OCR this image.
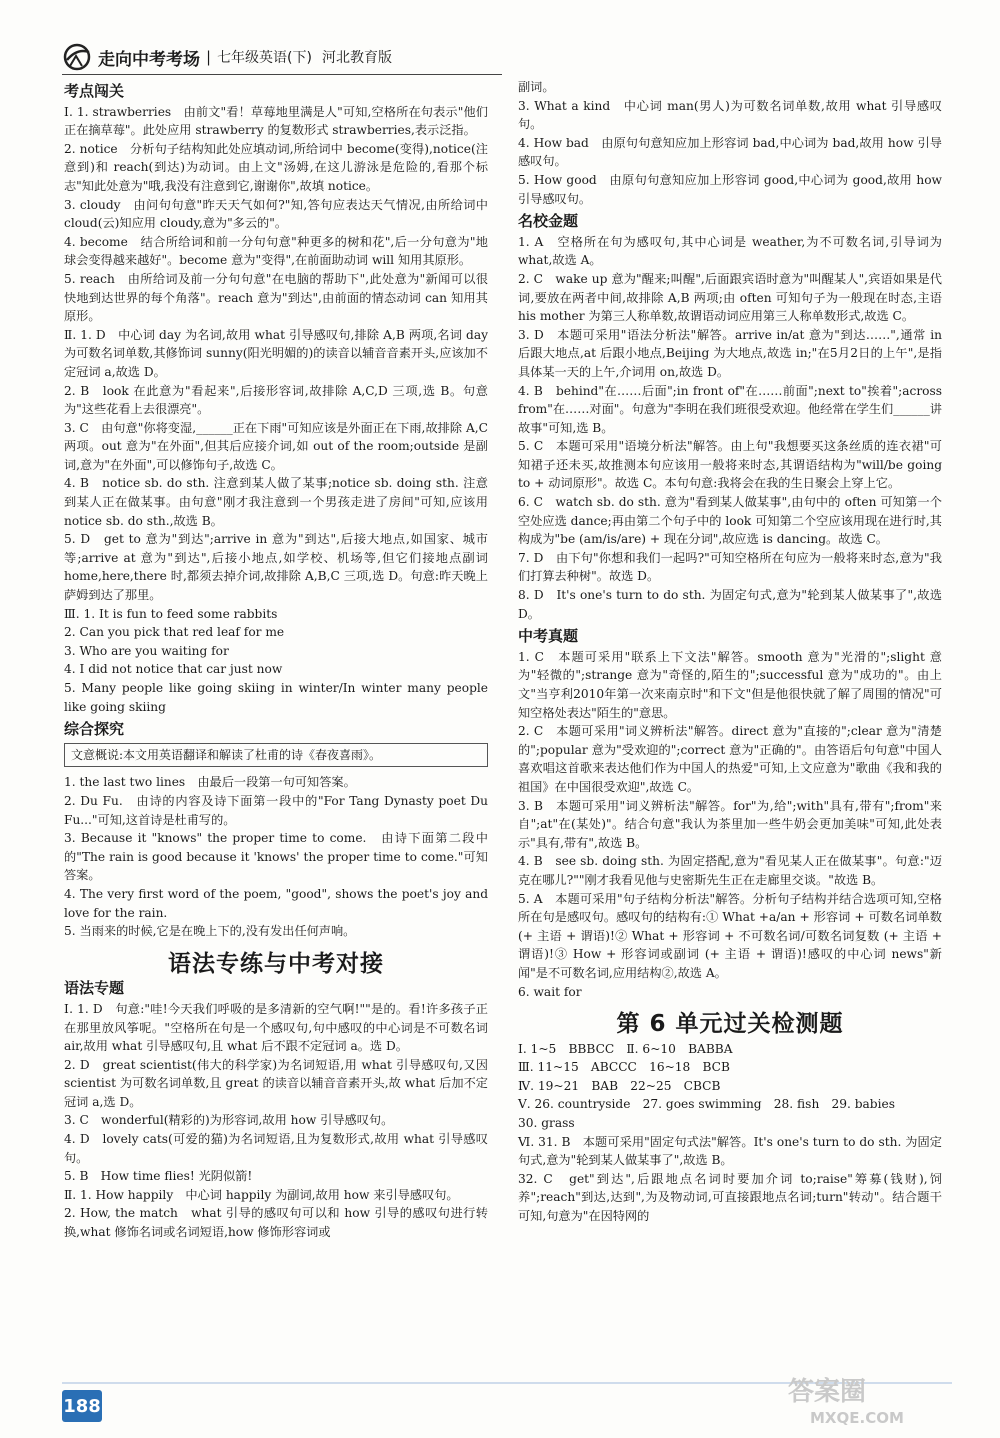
走向中考考场 | 七年级英语(下) 河北教育版
考点闯关

Ⅰ. 1. strawberries　由前文"看！草莓地里满是人"可知,空格所在句表示"他们正在摘草莓"。此处应用 strawberry 的复数形式 strawberries,表示泛指。

2. notice　分析句子结构知此处应填动词,所给词中 become(变得),notice(注意到)和 reach(到达)为动词。由上文"汤姆,在这儿游泳是危险的,看那个标志"知此处意为"哦,我没有注意到它,谢谢你",故填 notice。

3. cloudy　由问句句意"昨天天气如何?"知,答句应表达天气情况,由所给词中 cloud(云)知应用 cloudy,意为"多云的"。

4. become　结合所给词和前一分句句意"种更多的树和花",后一分句意为"地球会变得越来越好"。become 意为"变得",在前面助动词 will 知用其原形。

5. reach　由所给词及前一分句句意"在电脑的帮助下",此处意为"新闻可以很快地到达世界的每个角落"。reach 意为"到达",由前面的情态动词 can 知用其原形。

Ⅱ. 1. D　中心词 day 为名词,故用 what 引导感叹句,排除 A,B 两项,名词 day 为可数名词单数,其修饰词 sunny(阳光明媚的)的读音以辅音音素开头,应该加不定冠词 a,故选 D。

2. B　look 在此意为"看起来",后接形容词,故排除 A,C,D 三项,选 B。句意为"这些花看上去很漂亮"。

3. C　由句意"你将变湿,______正在下雨"可知应该是外面正在下雨,故排除 A,C 两项。out 意为"在外面",但其后应接介词,如 out of the room;outside 是副词,意为"在外面",可以修饰句子,故选 C。

4. B　notice sb. do sth. 注意到某人做了某事;notice sb. doing sth. 注意到某人正在做某事。由句意"刚才我注意到一个男孩走进了房间"可知,应该用 notice sb. do sth.,故选 B。

5. D　get to 意为"到达";arrive in 意为"到达",后接大地点,如国家、城市等;arrive at 意为"到达",后接小地点,如学校、机场等,但它们接地点副词 home,here,there 时,都须去掉介词,故排除 A,B,C 三项,选 D。句意:昨天晚上萨姆到达了那里。

Ⅲ. 1. It is fun to feed some rabbits

2. Can you pick that red leaf for me

3. Who are you waiting for

4. I did not notice that car just now

5. Many people like going skiing in winter/In winter many people like going skiing

综合探究
文意概说:本文用英语翻译和解读了杜甫的诗《春夜喜雨》。

1. the last two lines　由最后一段第一句可知答案。

2. Du Fu.　由诗的内容及诗下面第一段中的"For Tang Dynasty poet Du Fu..."可知,这首诗是杜甫写的。

3. Because it "knows" the proper time to come.　由诗下面第二段中的"The rain is good because it 'knows' the proper time to come."可知答案。

4. The very first word of the poem, "good", shows the poet's joy and love for the rain.

5. 当雨来的时候,它是在晚上下的,没有发出任何声响。

语法专练与中考对接
语法专题

Ⅰ. 1. D　句意:"哇!今天我们呼吸的是多清新的空气啊!""是的。看!许多孩子正在那里放风筝呢。"空格所在句是一个感叹句,句中感叹的中心词是不可数名词 air,故用 what 引导感叹句,且 what 后不跟不定冠词 a。选 D。

2. D　great scientist(伟大的科学家)为名词短语,用 what 引导感叹句,又因 scientist 为可数名词单数,且 great 的读音以辅音音素开头,故 what 后加不定冠词 a,选 D。

3. C　wonderful(精彩的)为形容词,故用 how 引导感叹句。

4. D　lovely cats(可爱的猫)为名词短语,且为复数形式,故用 what 引导感叹句。

5. B　How time flies! 光阴似箭!

Ⅱ. 1. How happily　中心词 happily 为副词,故用 how 来引导感叹句。

2. How, the match　what 引导的感叹句可以和 how 引导的感叹句进行转换,what 修饰名词或名词短语,how 修饰形容词或

副词。

3. What a kind　中心词 man(男人)为可数名词单数,故用 what 引导感叹句。

4. How bad　由原句句意知应加上形容词 bad,中心词为 bad,故用 how 引导感叹句。

5. How good　由原句句意知应加上形容词 good,中心词为 good,故用 how 引导感叹句。

名校金题

1. A　空格所在句为感叹句,其中心词是 weather,为不可数名词,引导词为 what,故选 A。

2. C　wake up 意为"醒来;叫醒",后面跟宾语时意为"叫醒某人",宾语如果是代词,要放在两者中间,故排除 A,B 两项;由 often 可知句子为一般现在时态,主语 his mother 为第三人称单数,故谓语动词应用第三人称单数形式,故选 C。

3. D　本题可采用"语法分析法"解答。arrive in/at 意为"到达……",通常 in 后跟大地点,at 后跟小地点,Beijing 为大地点,故选 in;"在5月2日的上午",是指具体某一天的上午,介词用 on,故选 D。

4. B　behind"在……后面";in front of"在……前面";next to"挨着";across from"在……对面"。句意为"李明在我们班很受欢迎。他经常在学生们______讲故事"可知,选 B。

5. C　本题可采用"语境分析法"解答。由上句"我想要买这条丝质的连衣裙"可知裙子还未买,故推测本句应该用一般将来时态,其谓语结构为"will/be going to + 动词原形"。故选 C。本句句意:我将会在我的生日聚会上穿上它。

6. C　watch sb. do sth. 意为"看到某人做某事",由句中的 often 可知第一个空处应选 dance;再由第二个句子中的 look 可知第二个空应该用现在进行时,其构成为"be (am/is/are) + 现在分词",故应选 is dancing。故选 C。

7. D　由下句"你想和我们一起吗?"可知空格所在句应为一般将来时态,意为"我们打算去种树"。故选 D。

8. D　It's one's turn to do sth. 为固定句式,意为"轮到某人做某事了",故选 D。

中考真题

1. C　本题可采用"联系上下文法"解答。smooth 意为"光滑的";slight 意为"轻微的";strange 意为"奇怪的,陌生的";successful 意为"成功的"。由上文"当亨利2010年第一次来南京时"和下文"但是他很快就了解了周围的情况"可知空格处表达"陌生的"意思。

2. C　本题可采用"词义辨析法"解答。direct 意为"直接的";clear 意为"清楚的";popular 意为"受欢迎的";correct 意为"正确的"。由答语后句句意"中国人喜欢唱这首歌来表达他们作为中国人的热爱"可知,上文应意为"歌曲《我和我的祖国》在中国很受欢迎",故选 C。

3. B　本题可采用"词义辨析法"解答。for"为,给";with"具有,带有";from"来自";at"在(某处)"。结合句意"我认为茶里加一些牛奶会更加美味"可知,此处表示"具有,带有",故选 B。

4. B　see sb. doing sth. 为固定搭配,意为"看见某人正在做某事"。句意:"迈克在哪儿?""刚才我看见他与史密斯先生正在走廊里交谈。"故选 B。

5. A　本题可采用"句子结构分析法"解答。分析句子结构并结合选项可知,空格所在句是感叹句。感叹句的结构有:① What +a/an + 形容词 + 可数名词单数 (+ 主语 + 谓语)!② What + 形容词 + 不可数名词/可数名词复数 (+ 主语 + 谓语)!③ How + 形容词或副词 (+ 主语 + 谓语)!感叹的中心词 news"新闻"是不可数名词,应用结构②,故选 A。

6. wait for

第 6 单元过关检测题

Ⅰ. 1~5　BBBCC　Ⅱ. 6~10　BABBA

Ⅲ. 11~15　ABCCC　16~18　BCB

Ⅳ. 19~21　BAB　22~25　CBCB

Ⅴ. 26. countryside　27. goes swimming　28. fish　29. babies

30. grass

Ⅵ. 31. B　本题可采用"固定句式法"解答。It's one's turn to do sth. 为固定句式,意为"轮到某人做某事了",故选 B。

32. C　get"到达",后跟地点名词时要加介词 to;raise"筹募(钱财),饲养";reach"到达,达到",为及物动词,可直接跟地点名词;turn"转动"。结合题干可知,句意为"在因特网的

188	答案圈
MXQE.COM
